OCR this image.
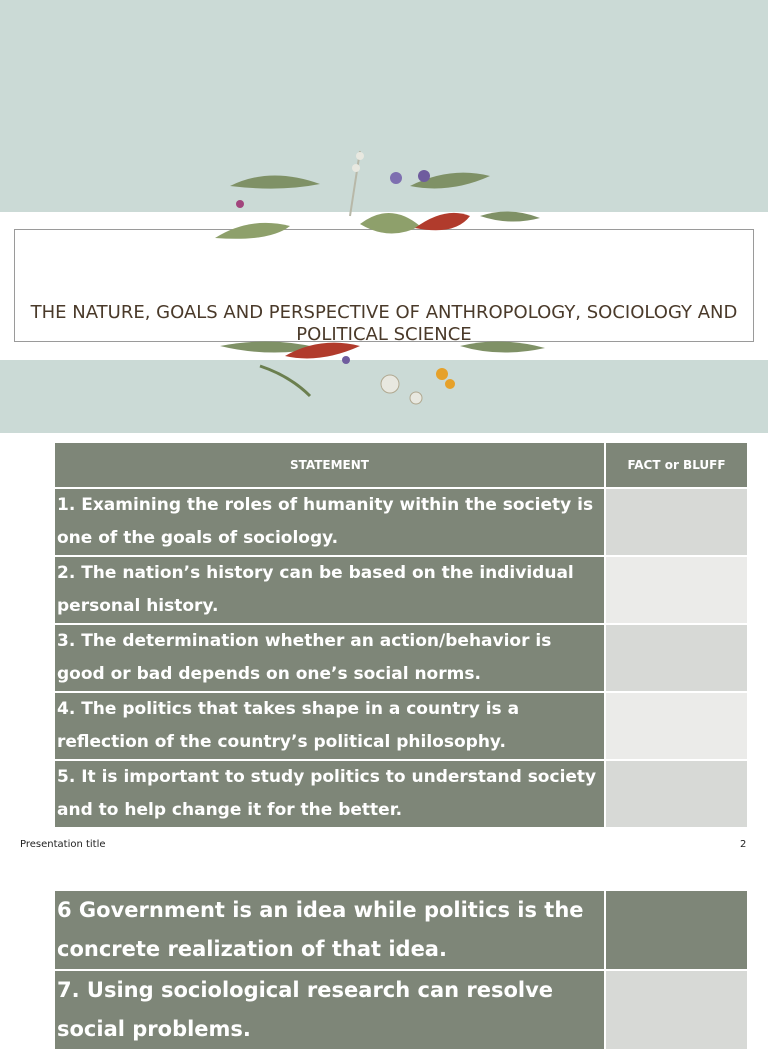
THE NATURE, GOALS AND PERSPECTIVE OF ANTHROPOLOGY, SOCIOLOGY AND POLITICAL SCIENCE
STATEMENT	FACT or BLUFF
1. Examining the roles of humanity within the society is one of the goals of sociology.	
2. The nation’s history can be based on the individual personal history.	
3. The determination whether an action/behavior is good or bad depends on one’s social norms.	
4. The politics that takes shape in a country is a reflection of the country’s political philosophy.	
5. It is important to study politics to understand society and to help change it for the better.	
Presentation title	2
6 Government is an idea while politics is the concrete realization of that idea.	
7. Using sociological research can resolve social problems.	
